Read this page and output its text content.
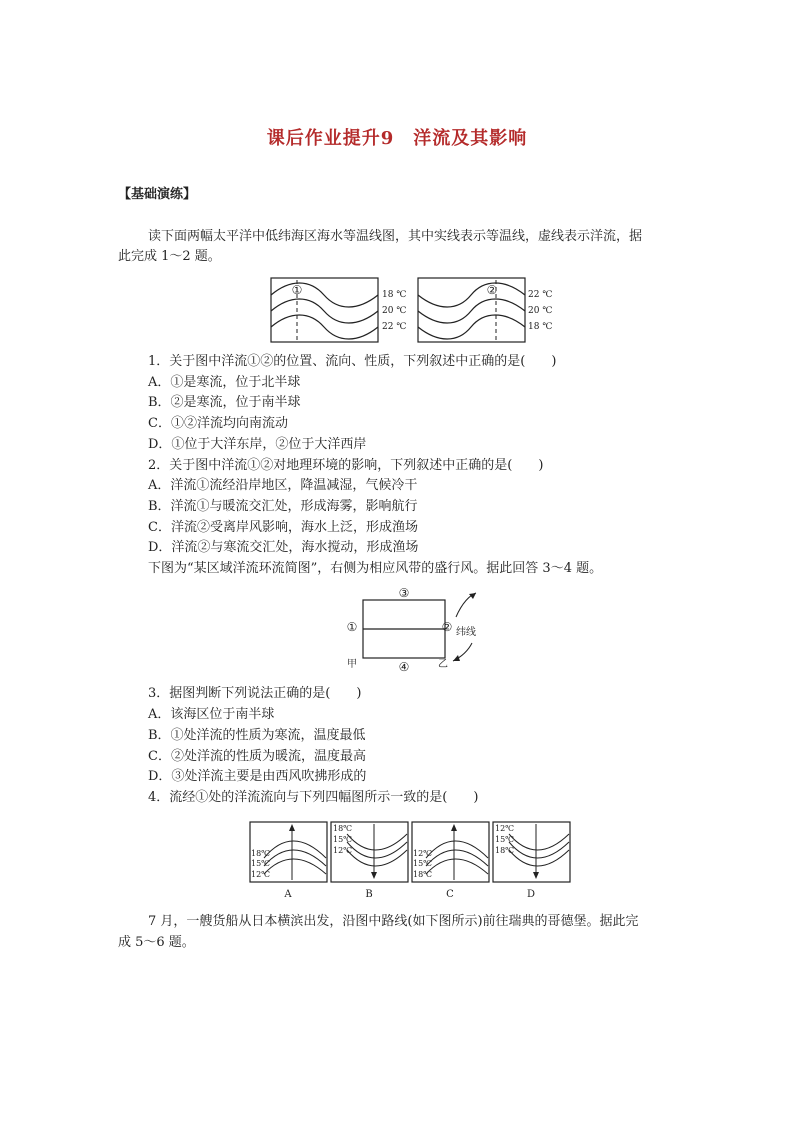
课后作业提升9　洋流及其影响
【基础演练】
读下面两幅太平洋中低纬海区海水等温线图，其中实线表示等温线，虚线表示洋流，据
此完成 1～2 题。
①	18 ℃
20 ℃
22 ℃
②	22 ℃
20 ℃
18 ℃
1．关于图中洋流①②的位置、流向、性质，下列叙述中正确的是(　　)
A．①是寒流，位于北半球
B．②是寒流，位于南半球
C．①②洋流均向南流动
D．①位于大洋东岸，②位于大洋西岸
2．关于图中洋流①②对地理环境的影响，下列叙述中正确的是(　　)
A．洋流①流经沿岸地区，降温减湿，气候冷干
B．洋流①与暖流交汇处，形成海雾，影响航行
C．洋流②受离岸风影响，海水上泛，形成渔场
D．洋流②与寒流交汇处，海水搅动，形成渔场
下图为“某区域洋流环流简图”，右侧为相应风带的盛行风。据此回答 3～4 题。
③
①	②
④
甲	乙
纬线
3．据图判断下列说法正确的是(　　)
A．该海区位于南半球
B．①处洋流的性质为寒流，温度最低
C．②处洋流的性质为暖流，温度最高
D．③处洋流主要是由西风吹拂形成的
4．流经①处的洋流流向与下列四幅图所示一致的是(　　)
18℃
15℃
12℃
A
18℃
15℃
12℃
B
12℃
15℃
18℃
C
12℃
15℃
18℃
D
7 月，一艘货船从日本横滨出发，沿图中路线(如下图所示)前往瑞典的哥德堡。据此完
成 5～6 题。
